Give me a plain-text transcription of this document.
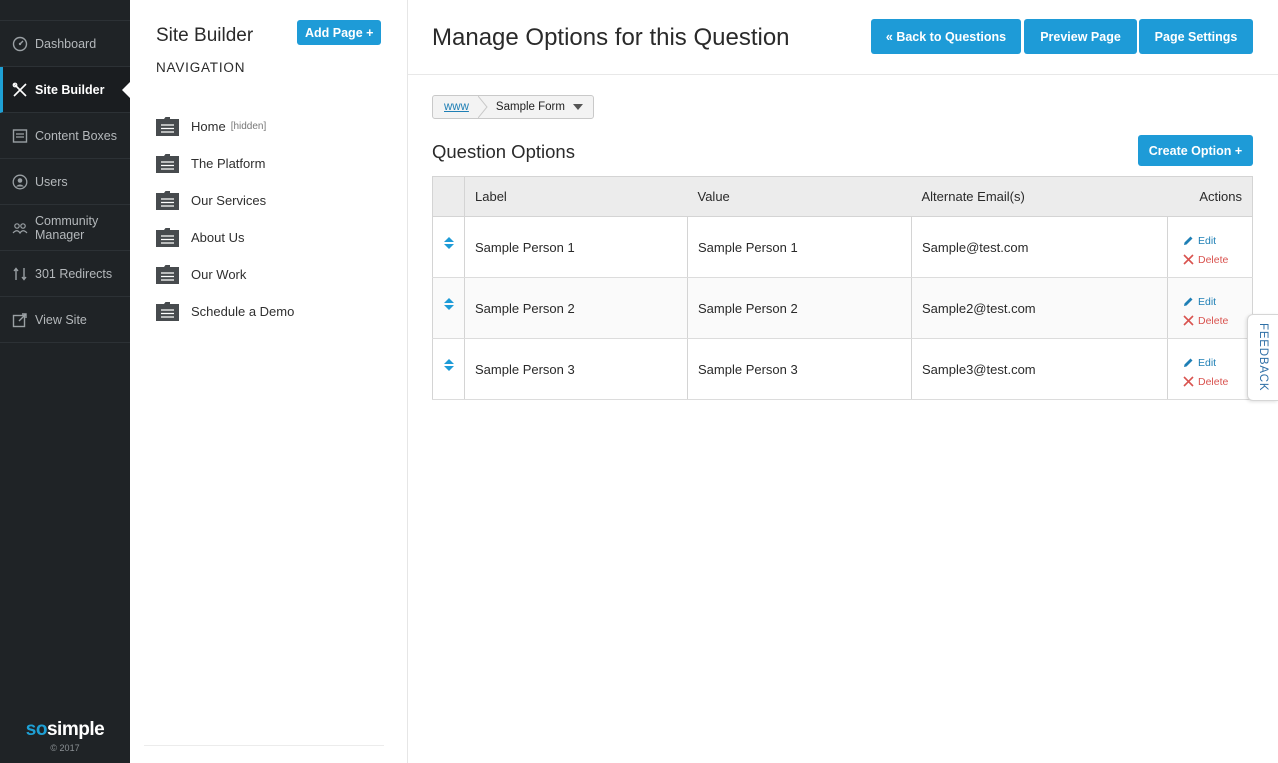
Dashboard
Site Builder
Content Boxes
Users
Community Manager
301 Redirects
View Site
sosimple
© 2017
Site Builder	Add Page +
NAVIGATION
Home [hidden]
The Platform
Our Services
About Us
Our Work
Schedule a Demo
Manage Options for this Question	« Back to Questions	Preview Page	Page Settings
www	Sample Form
Question Options	Create Option +
	Label	Value	Alternate Email(s)	Actions
	Sample Person 1	Sample Person 1	Sample@test.com	Edit
Delete

	Sample Person 2	Sample Person 2	Sample2@test.com	Edit
Delete

	Sample Person 3	Sample Person 3	Sample3@test.com	Edit
Delete FEEDBACK
